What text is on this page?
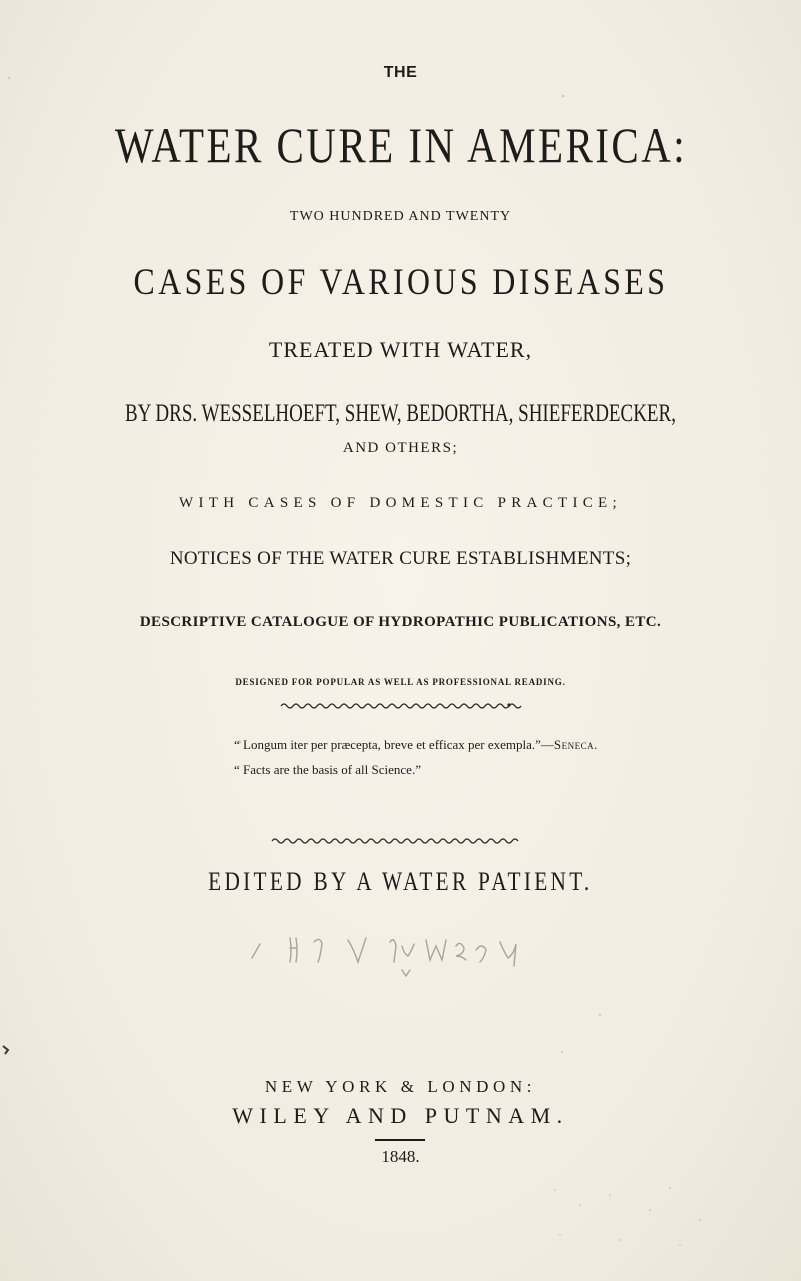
THE
WATER CURE IN AMERICA:
TWO HUNDRED AND TWENTY
CASES OF VARIOUS DISEASES
TREATED WITH WATER,
BY DRS. WESSELHOEFT, SHEW, BEDORTHA, SHIEFERDECKER,
AND OTHERS;
WITH CASES OF DOMESTIC PRACTICE;
NOTICES OF THE WATER CURE ESTABLISHMENTS;
DESCRIPTIVE CATALOGUE OF HYDROPATHIC PUBLICATIONS, ETC.
DESIGNED FOR POPULAR AS WELL AS PROFESSIONAL READING.
“ Longum iter per præcepta, breve et efficax per exempla.”—Seneca.
“ Facts are the basis of all Science.”
EDITED BY A WATER PATIENT.
NEW YORK & LONDON:
WILEY AND PUTNAM.
1848.
